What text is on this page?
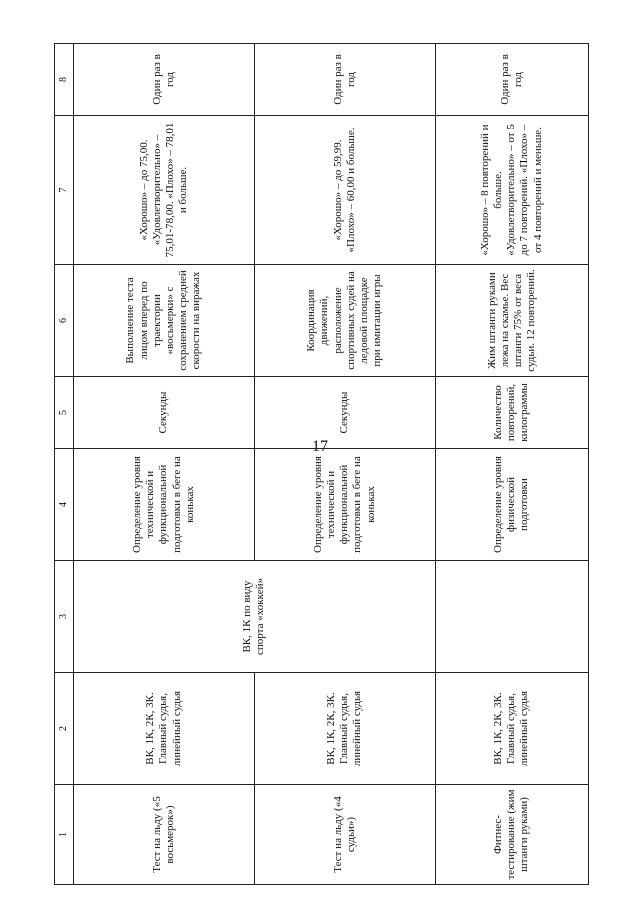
17
1	2	3	4	5	6	7	8
Тест на льду («5 восьмерок»)	ВК, 1К, 2К, 3К. Главный судья, линейный судья	ВК, 1К по виду спорта «хоккей»	Определение уровня технической и функциональной подготовки в беге на коньках	Секунды	Выполнение теста лицом вперед по траектории «восьмерки» с сохранением средней скорости на виражах	«Хорошо» – до 75,00. «Удовлетворительно» – 75,01-78,00. «Плохо» – 78,01 и больше.	Один раз в год
Тест на льду («4 судьи»)	ВК, 1К, 2К, 3К. Главный судья, линейный судья		Определение уровня технической и функциональной подготовки в беге на коньках	Секунды	Координация движений, расположение спортивных судей на ледовой площадке при имитации игры	«Хорошо» – до 59,99. «Плохо» – 60,00 и больше.	Один раз в год
Фитнес-тестирование (жим штанги руками)	ВК, 1К, 2К, 3К. Главный судья, линейный судья		Определение уровня физической подготовки	Количество повторений, килограммы	Жим штанги руками лежа на скамье. Вес штанги 75% от веса судьи. 12 повторений.	«Хорошо» – 8 повторений и больше. «Удовлетворительно» – от 5 до 7 повторений. «Плохо» – от 4 повторений и меньше.	Один раз в год
